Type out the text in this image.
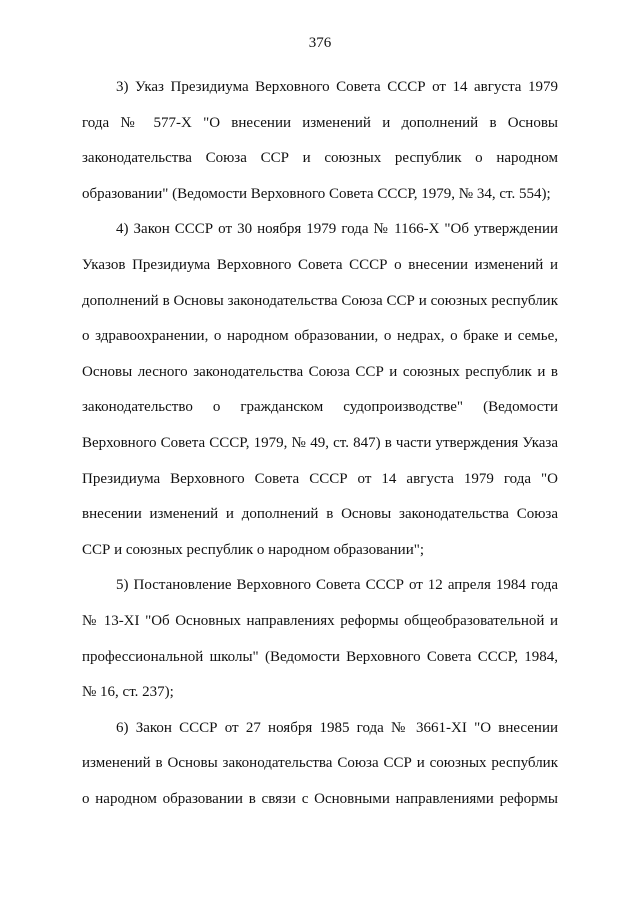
376
3) Указ Президиума Верховного Совета СССР от 14 августа 1979
года № 577-X "О внесении изменений и дополнений в Основы
законодательства Союза ССР и союзных республик о народном
образовании" (Ведомости Верховного Совета СССР, 1979, № 34, ст. 554);
4) Закон СССР от 30 ноября 1979 года № 1166-X "Об утверждении
Указов Президиума Верховного Совета СССР о внесении изменений и
дополнений в Основы законодательства Союза ССР и союзных республик
о здравоохранении, о народном образовании, о недрах, о браке и семье,
Основы лесного законодательства Союза ССР и союзных республик и в
законодательство о гражданском судопроизводстве" (Ведомости
Верховного Совета СССР, 1979, № 49, ст. 847) в части утверждения Указа
Президиума Верховного Совета СССР от 14 августа 1979 года "О
внесении изменений и дополнений в Основы законодательства Союза
ССР и союзных республик о народном образовании";
5) Постановление Верховного Совета СССР от 12 апреля 1984 года
№ 13-XI "Об Основных направлениях реформы общеобразовательной и
профессиональной школы" (Ведомости Верховного Совета СССР, 1984,
№ 16, ст. 237);
6) Закон СССР от 27 ноября 1985 года № 3661-XI "О внесении
изменений в Основы законодательства Союза ССР и союзных республик
о народном образовании в связи с Основными направлениями реформы
